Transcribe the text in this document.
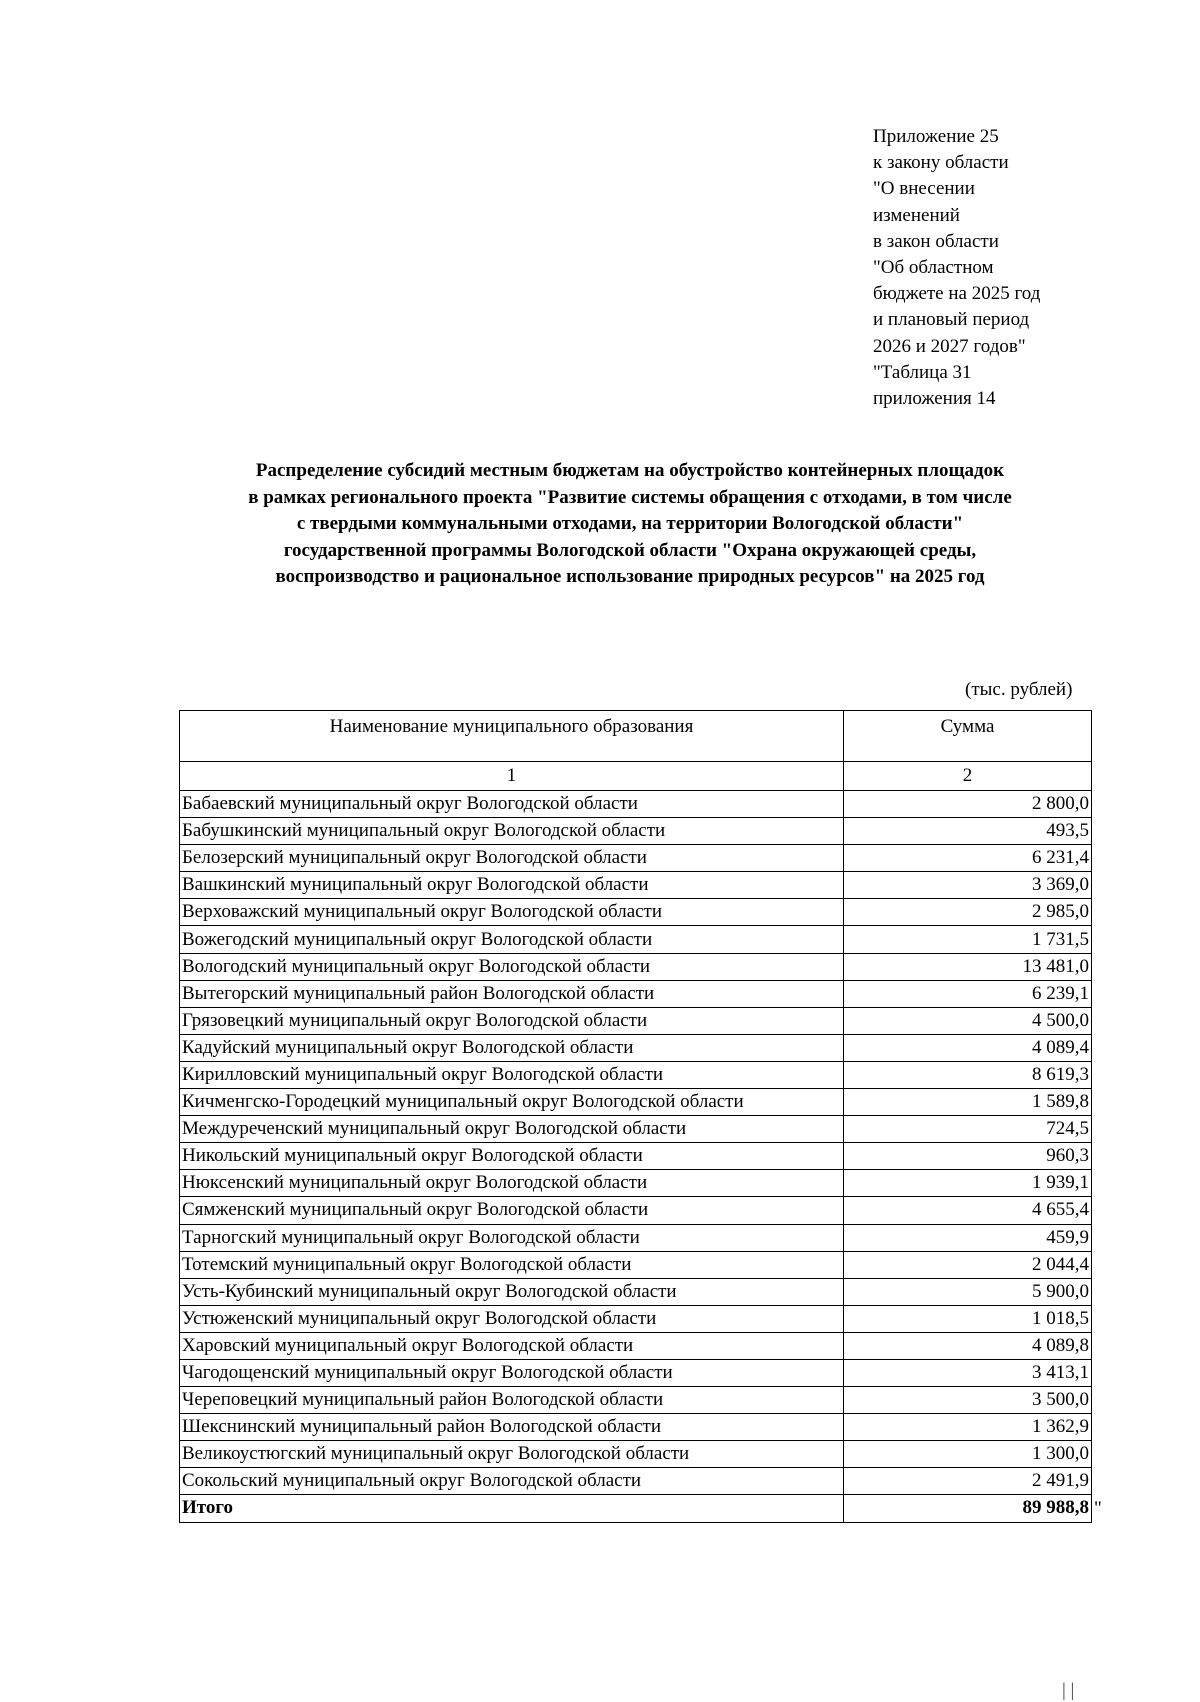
Приложение 25
к закону области
"О внесении
изменений
в закон области
"Об областном
бюджете на 2025 год
и плановый период
2026 и 2027 годов"
"Таблица 31
приложения 14
Распределение субсидий местным бюджетам на обустройство контейнерных площадок
в рамках регионального проекта "Развитие системы обращения с отходами, в том числе
с твердыми коммунальными отходами, на территории Вологодской области"
государственной программы Вологодской области "Охрана окружающей среды,
воспроизводство и рациональное использование природных ресурсов" на 2025 год
(тыс. рублей)
Наименование муниципального образования	Сумма
1	2
Бабаевский муниципальный округ Вологодской области	2 800,0
Бабушкинский муниципальный округ Вологодской области	493,5
Белозерский муниципальный округ Вологодской области	6 231,4
Вашкинский муниципальный округ Вологодской области	3 369,0
Верховажский муниципальный округ Вологодской области	2 985,0
Вожегодский муниципальный округ Вологодской области	1 731,5
Вологодский муниципальный округ Вологодской области	13 481,0
Вытегорский муниципальный район Вологодской области	6 239,1
Грязовецкий муниципальный округ Вологодской области	4 500,0
Кадуйский муниципальный округ Вологодской области	4 089,4
Кирилловский муниципальный округ Вологодской области	8 619,3
Кичменгско-Городецкий муниципальный округ Вологодской области	1 589,8
Междуреченский муниципальный округ Вологодской области	724,5
Никольский муниципальный округ Вологодской области	960,3
Нюксенский муниципальный округ Вологодской области	1 939,1
Сямженский муниципальный округ Вологодской области	4 655,4
Тарногский муниципальный округ Вологодской области	459,9
Тотемский муниципальный округ Вологодской области	2 044,4
Усть-Кубинский муниципальный округ Вологодской области	5 900,0
Устюженский муниципальный округ Вологодской области	1 018,5
Харовский муниципальный округ Вологодской области	4 089,8
Чагодощенский муниципальный округ Вологодской области	3 413,1
Череповецкий муниципальный район Вологодской области	3 500,0
Шекснинский муниципальный район Вологодской области	1 362,9
Великоустюгский муниципальный округ Вологодской области	1 300,0
Сокольский муниципальный округ Вологодской области	2 491,9
Итого	89 988,8 "
| |
